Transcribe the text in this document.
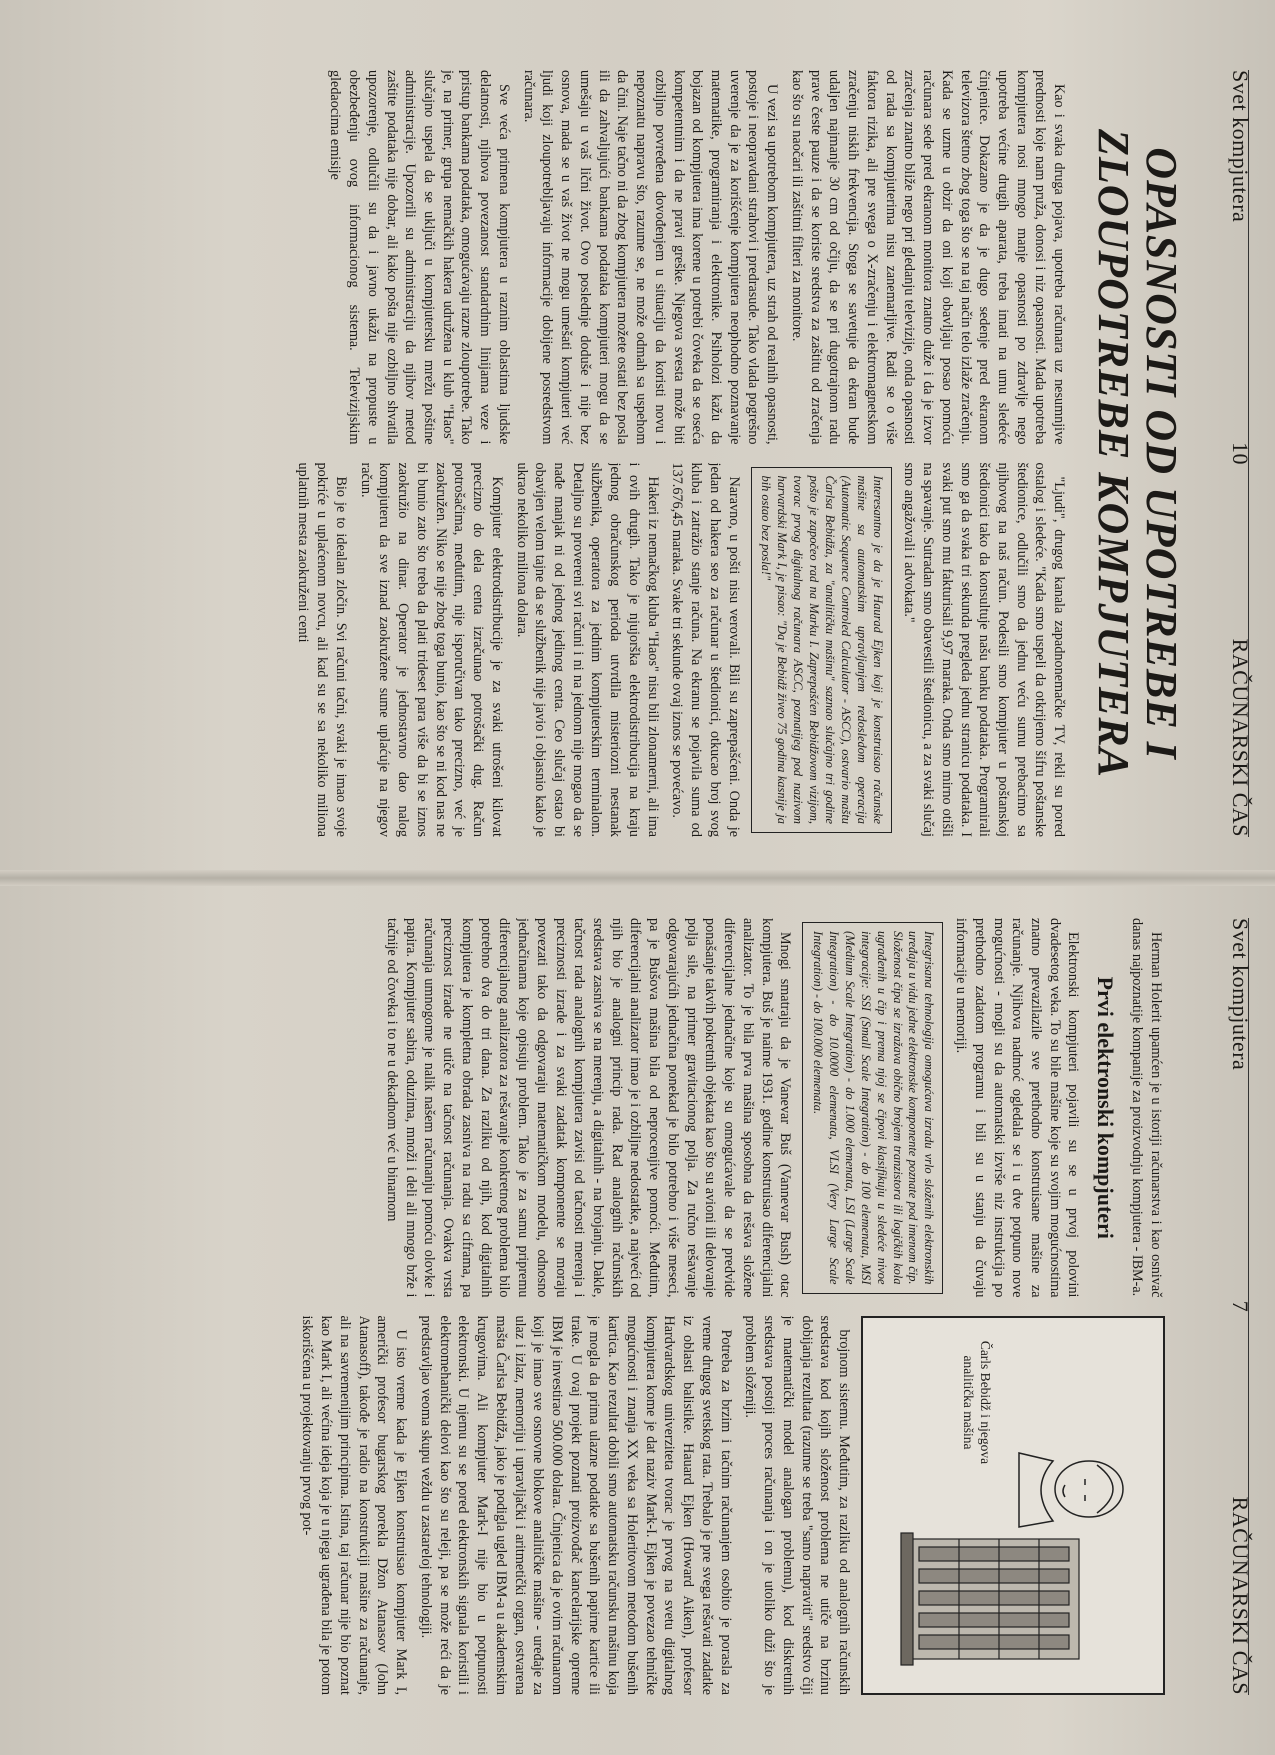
Svet kompjutera
10
RAČUNARSKI ČAS
OPASNOSTI OD UPOTREBE I ZLOUPOTREBE KOMPJUTERA

Kao i svaka druga pojava, upotreba računara uz nesumnjive prednosti koje nam pruža, donosi i niz opasnosti. Mada upotreba kompjutera nosi mnogo manje opasnosti po zdravlje nego upotreba većine drugih aparata, treba imati na umu sledeće činjenice. Dokazano je da je dugo sedenje pred ekranom televizora štetno zbog toga što se na taj način telo izlaže zračenju. Kada se uzme u obzir da oni koji obavljaju posao pomoću računara sede pred ekranom monitora znatno duže i da je izvor zračenja znatno bliže nego pri gledanju televizije, onda opasnosti od rada sa kompjuterima nisu zanemarljive. Radi se o više faktora rizika, ali pre svega o X-zračenju i elektromagnetskom zračenju niskih frekvencija. Stoga se savetuje da ekran bude udaljen najmanje 30 cm od očiju, da se pri dugotrajnom radu prave česte pauze i da se koriste sredstva za zaštitu od zračenja kao što su naočari ili zaštitni filteri za monitore.

U vezi sa upotrebom kompjutera, uz strah od realnih opasnosti, postoje i neopravdani strahovi i predrasude. Tako vlada pogrešno uverenje da je za korišćenje kompjutera neophodno poznavanje matematike, programiranja i elektronike. Psiholozi kažu da bojazan od kompjutera ima korene u potrebi čoveka da se oseća kompetentnim i da ne pravi greške. Njegova svesta može biti ozbiljno povređena dovođenjem u situaciju da koristi novu i nepoznatu napravu što, razume se, ne može odmah sa uspehom da čini. Naje tačno ni da zbog kompjutera možete ostati bez posla ili da zahvaljujući bankama podataka kompjuteri mogu da se umešaju u vaš lični život. Ovo poslednje doduše i nije bez osnova, mada se u vaš život ne mogu umešati kompjuteri već ljudi koji zloupotrebljavaju informacije dobijene posredstvom računara.

Sve veća primena kompjutera u raznim oblastima ljudske delatnosti, njihova povezanost standardnim linijama veze i pristup bankama podataka, omogućavaju razne zloupotrebe. Tako je, na primer, grupa nemačkih hakera udružena u klub "Haos" slučajno uspela da se uključi u kompjutersku mrežu poštine administracije. Upozorili su administraciju da njihov metod zaštite podataka nije dobar, ali kako pošta nije ozbiljno shvatila upozorenje, odlučili su da i javno ukažu na propuste u obezbeđenju ovog informacionog sistema. Televizijskim gledaocima emisije

"Ljudi", drugog kanala zapadnonemačke TV, rekli su pored ostalog i sledeće. "Kada smo uspeli da otkrijemo šifru poštanske štedionice, odlučili smo da jednu veću sumu prebacimo sa njihovog na naš račun. Podesili smo kompjuter u poštanskoj štedionici tako da konsultuje našu banku podataka. Programirali smo ga da svaka tri sekunda pregleda jednu stranicu podataka. I svaki put smo mu fakturisali 9,97 maraka. Onda smo mirno otišli na spavanje. Sutradan smo obavestili štedionicu, a za svaki slučaj smo angažovali i advokata."

Interesantno je da je Haurad Ejken koji je konstruisao računske mašine sa automatskim upravljanjem redosledom operacija (Automatic Sequence Controled Calculator - ASCC), ostvario maštu Čarlsa Bebidža, za "analitičku mašinu" saznao slučajno tri godine pošto je započeo rad na Marku I. Zaprepašćen Bebidžovom vizijom, tvorac prvog digitalnog računara ASCC, poznatijeg pod nazivom harvardski Mark I, je pisao: "Da je Bebidž živeo 75 godina kasnije ja bih ostao bez posla!"

Naravno, u pošti nisu verovali. Bili su zaprepašćeni. Onda je jedan od hakera seo za računar u štedionici, otkucao broj svog kluba i zatražio stanje računa. Na ekranu se pojavila suma od 137.676,45 maraka. Svake tri sekunde ovaj iznos se povećavo.

Hakeri iz nemačkog kluba "Haos" nisu bili zlonamerni, ali ima i ovih drugih. Tako je njujorška elektrodistribucija na kraju jednog obračunskog perioda utvrdila misteriozni nestanak službenika, operatora za jednim kompjuterskim terminalom. Detaljno su provereni svi računi i ni na jednom nije mogao da se nađe manjak ni od jednog jedinog centa. Ceo slučaj ostao bi obavijen velom tajne da se službenik nije javio i objasnio kako je ukrao nekoliko miliona dolara.

Kompjuter elektrodistribucije je za svaki utrošeni kilovat precizno do dela centa izračunao potrošački dug. Račun potrošačima, međutim, nije isporučivan tako precizno, već je zaokružen. Niko se nije zbog toga bunio, kao što se ni kod nas ne bi bunio zato što treba da plati trideset para više da bi se iznos zaokružio na dinar. Operator je jednostavno dao nalog kompjuteru da sve iznad zaokružene sume uplaćuje na njegov račun.

Bio je to idealan zločin. Svi računi tačni, svaki je imao svoje pokriće u uplaćenom novcu, ali kad su se sa nekoliko miliona uplatnih mesta zaokruženi centi

Svet kompjutera
7
RAČUNARSKI ČAS

Herman Holerit upamćen je u istoriji računarstva i kao osnivač danas najpoznatije kompanije za proizvodnju kompjutera - IBM-a.

Prvi elektronski kompjuteri

Elektronski kompjuteri pojavili su se u prvoj polovini dvadesetog veka. To su bile mašine koje su svojim mogućnostima znatno prevazilazile sve prethodno konstruisane mašine za računanje. Njihova nadmoć ogledala se i u dve potpuno nove mogućnosti - mogli su da automatski izvrše niz instrukcija po prethodno zadatom programu i bili su u stanju da čuvaju informacije u memoriji.

Integrisana tehnologija omogućava izradu vrlo složenih elektronskih uređaja u vidu jedne elektronske komponente poznate pod imenom čip. Složenost čipa se izražava obično brojem tranzistora ili logičkih kola ugrađenih u čip i prema njoj se čipovi klasifikuju u sledeće nivoe integracije: SSI (Small Scale Integration) - do 100 elemenata, MSI (Medium Scale Integration) - do 1.000 elemenata, LSI (Large Scale Integration) - do 10.0000 elemenata, VLSI (Very Large Scale Integration) - do 100.000 elemenata.

Mnogi smatraju da je Vanevar Buš (Vannevar Bush) otac kompjutera. Buš je naime 1931. godine konstruisao diferencijalni analizator. To je bila prva mašina sposobna da rešava složene diferencijalne jednačine koje su omogućavale da se predvide ponašanje takvih pokretnih objekata kao što su avioni ili delovanje polja sile, na primer gravitacionog polja. Za ručno rešavanje odgovarajućih jednačina ponekad je bilo potrebno i više meseci, pa je Bušova mašina bila od neprocenjive pomoći. Međutim, diferencijalni analizator imao je i ozbiljne nedostatke, a najveći od njih bio je analogni princip rada. Rad analognih računskih sredstava zasniva se na merenju, a digitalnih - na brojanju. Dakle, tačnost rada analognih kompjutera zavisi od tačnosti merenja i preciznosti izrade i za svaki zadatak komponente se moraju povezati tako da odgovaraju matematičkom modelu, odnosno jednačinama koje opisuju problem. Tako je za samu pripremu diferencijalnog analizatora za rešavanje konkretnog problema bilo potrebno dva do tri dana. Za razliku od njih, kod digitalnih kompjutera je kompletna obrada zasniva na radu sa ciframa, pa preciznost izrade ne utiče na tačnost računanja. Ovakva vrsta računanja umnogome je nalik našem računanju pomoću olovke i papira. Kompjuter sabira, oduzima, množi i deli ali mnogo brže i tačnije od čoveka i to ne u dekadnom već u binarnom

Čarls Bebidž i njegova analitička mašina

brojnom sistemu. Međutim, za razliku od analognih računskih sredstava kod kojih složenost problema ne utiče na brzinu dobijanja rezultata (razume se treba "samo napraviti" sredstvo čiji je matematički model analogan problemu), kod diskretnih sredstava postoji proces računanja i on je utoliko duži što je problem složeniji.

Potreba za brzim i tačnim računanjem osobito je porasla za vreme drugog svetskog rata. Trebalo je pre svega rešavati zadatke iz oblasti balistike. Hauard Ejken (Howard Aiken), profesor Hardvardskog univerziteta tvorac je prvog na svetu digitalnog kompjutera kome je dat naziv Mark-I. Ejken je povezao tehničke mogućnosti i znanja XX veka sa Holeritovom metodom bušenih kartica. Kao rezultat dobili smo automatsku računsku mašinu koja je mogla da prima ulazne podatke sa bušenih papirne kartice ili trake. U ovaj projekt poznati proizvođač kancelarijske opreme IBM je investirao 500.000 dolara. Činjenica da je ovim računarom koji je imao sve osnovne blokove analitičke mašine - uređaje za ulaz i izlaz, memoriju i upravljački i aritmetički organ, ostvarena mašta Čarlsa Bebidža, jako je podigla ugled IBM-a u akademskim krugovima. Ali kompjuter Mark-I nije bio u potpunosti elektronski. U njemu su se pored elektronskih signala koristili i elektromehanički delovi kao što su releji, pa se može reći da je predstavljao veoma skupu veždu u zastareloj tehnologiji.

U isto vreme kada je Ejken konstruisao kompjuter Mark I, američki profesor bugarskog porekla Džon Atanasov (John Atanasoff), takođe je radio na konstrukciji mašine za računanje, ali na savremenijim principima. Istina, taj računar nije bio poznat kao Mark I, ali većina ideja koja je u njega ugrađena bila je potom iskorišćena u projektovanju prvog pot-
